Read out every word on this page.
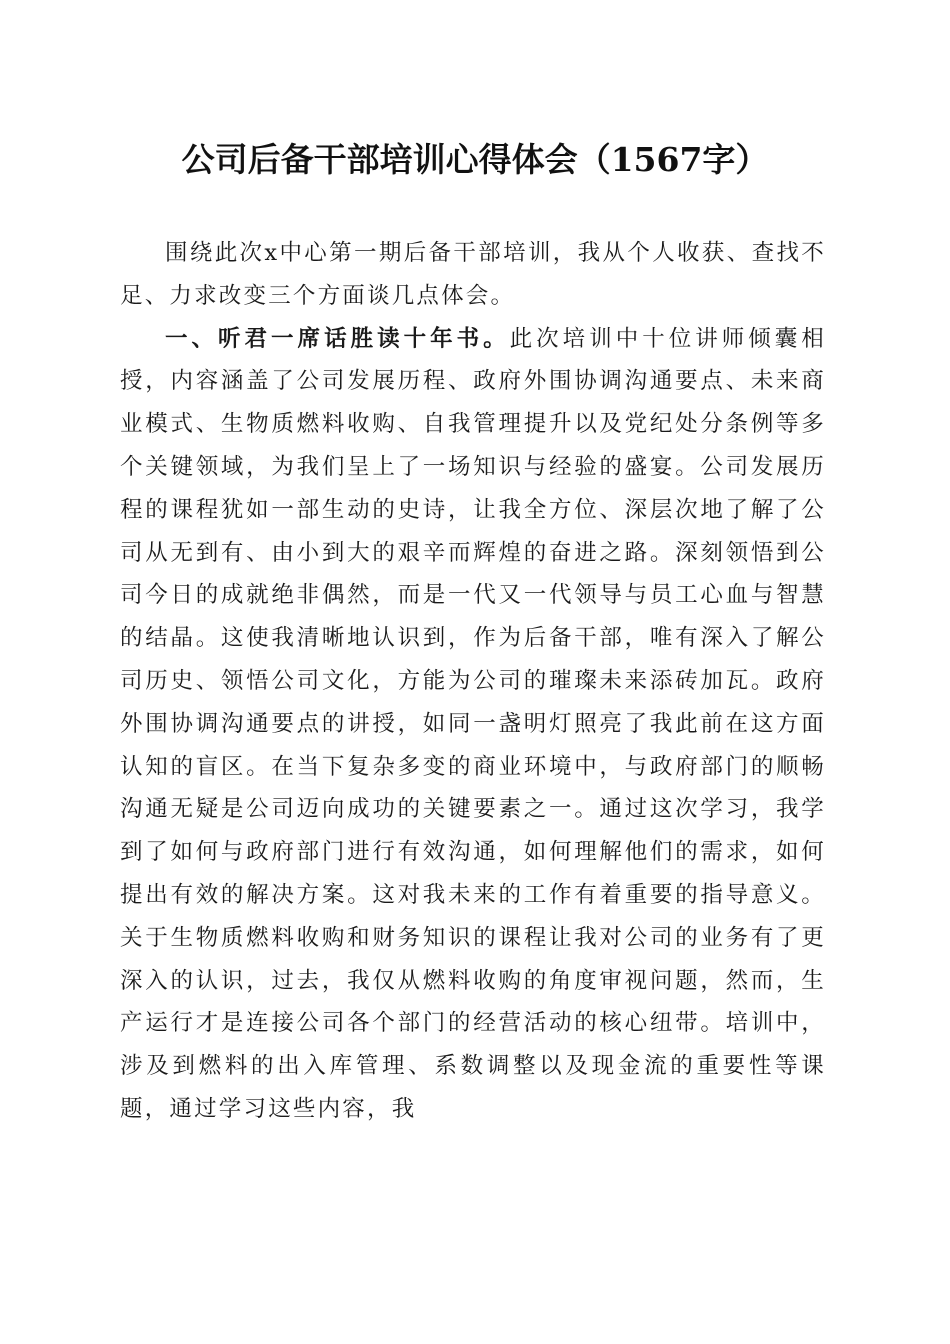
公司后备干部培训心得体会（1567字）

围绕此次x中心第一期后备干部培训，我从个人收获、查找不足、力求改变三个方面谈几点体会。

一、听君一席话胜读十年书。此次培训中十位讲师倾囊相授，内容涵盖了公司发展历程、政府外围协调沟通要点、未来商业模式、生物质燃料收购、自我管理提升以及党纪处分条例等多个关键领域，为我们呈上了一场知识与经验的盛宴。公司发展历程的课程犹如一部生动的史诗，让我全方位、深层次地了解了公司从无到有、由小到大的艰辛而辉煌的奋进之路。深刻领悟到公司今日的成就绝非偶然，而是一代又一代领导与员工心血与智慧的结晶。这使我清晰地认识到，作为后备干部，唯有深入了解公司历史、领悟公司文化，方能为公司的璀璨未来添砖加瓦。政府外围协调沟通要点的讲授，如同一盏明灯照亮了我此前在这方面认知的盲区。在当下复杂多变的商业环境中，与政府部门的顺畅沟通无疑是公司迈向成功的关键要素之一。通过这次学习，我学到了如何与政府部门进行有效沟通，如何理解他们的需求，如何提出有效的解决方案。这对我未来的工作有着重要的指导意义。关于生物质燃料收购和财务知识的课程让我对公司的业务有了更深入的认识，过去，我仅从燃料收购的角度审视问题，然而，生产运行才是连接公司各个部门的经营活动的核心纽带。培训中，涉及到燃料的出入库管理、系数调整以及现金流的重要性等课题，通过学习这些内容，我
